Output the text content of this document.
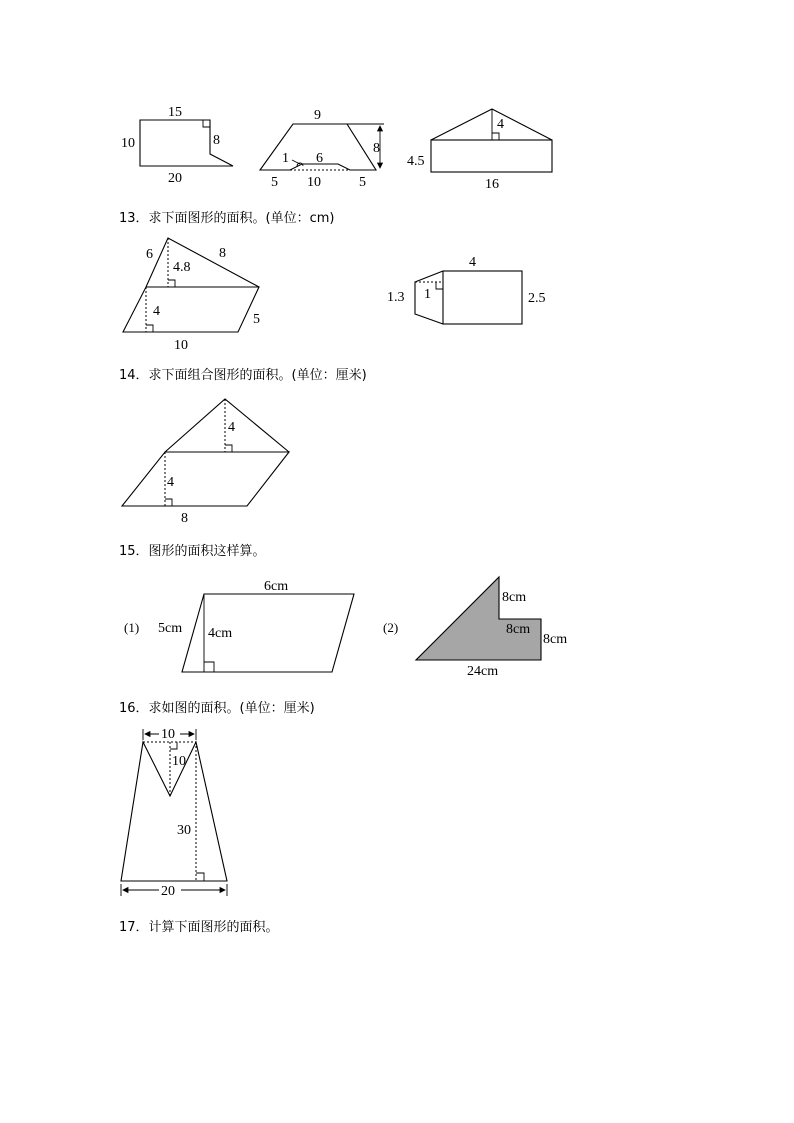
13．求下面图形的面积。(单位：cm)
14．求下面组合图形的面积。(单位：厘米)
15．图形的面积这样算。
16．求如图的面积。(单位：厘米)
17．计算下面图形的面积。
15
10	8
20
9
8
5 10	5
1 6
4
4.5
16
6	8
4.8
4
5
10
4
1.3 1	2.5
4
4
8
(1)
6cm
5cm 4cm	(2)
8cm
8cm
8cm
24cm
10
10
30
20
